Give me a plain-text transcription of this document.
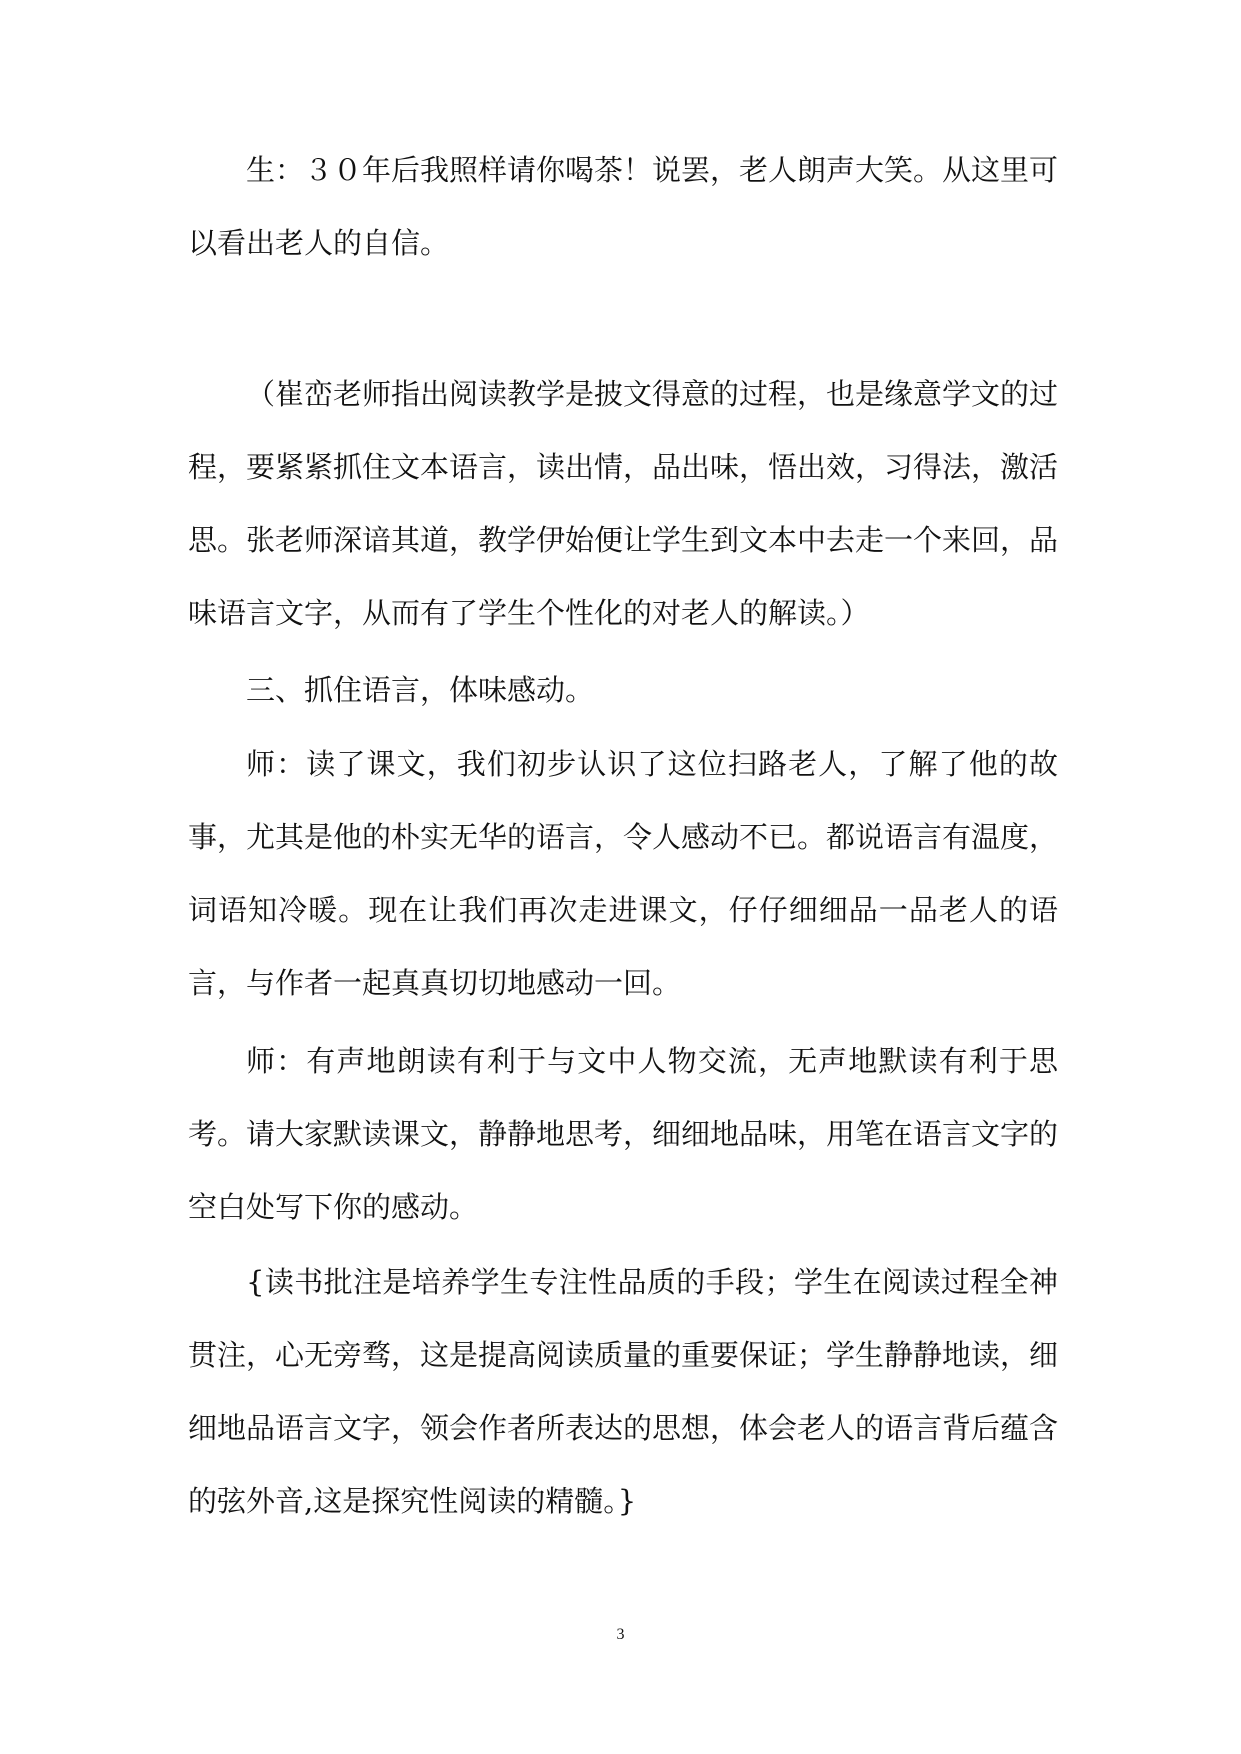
生：３０年后我照样请你喝茶！说罢，老人朗声大笑。从这里可以看出老人的自信。

（崔峦老师指出阅读教学是披文得意的过程，也是缘意学文的过程，要紧紧抓住文本语言，读出情，品出味，悟出效，习得法，激活思。张老师深谙其道，教学伊始便让学生到文本中去走一个来回，品味语言文字，从而有了学生个性化的对老人的解读。）

三、抓住语言，体味感动。

师：读了课文，我们初步认识了这位扫路老人，了解了他的故事，尤其是他的朴实无华的语言，令人感动不已。都说语言有温度，词语知冷暖。现在让我们再次走进课文，仔仔细细品一品老人的语言，与作者一起真真切切地感动一回。

师：有声地朗读有利于与文中人物交流，无声地默读有利于思考。请大家默读课文，静静地思考，细细地品味，用笔在语言文字的空白处写下你的感动。

{读书批注是培养学生专注性品质的手段；学生在阅读过程全神贯注，心无旁骛，这是提高阅读质量的重要保证；学生静静地读，细细地品语言文字，领会作者所表达的思想，体会老人的语言背后蕴含的弦外音,这是探究性阅读的精髓。}

3
